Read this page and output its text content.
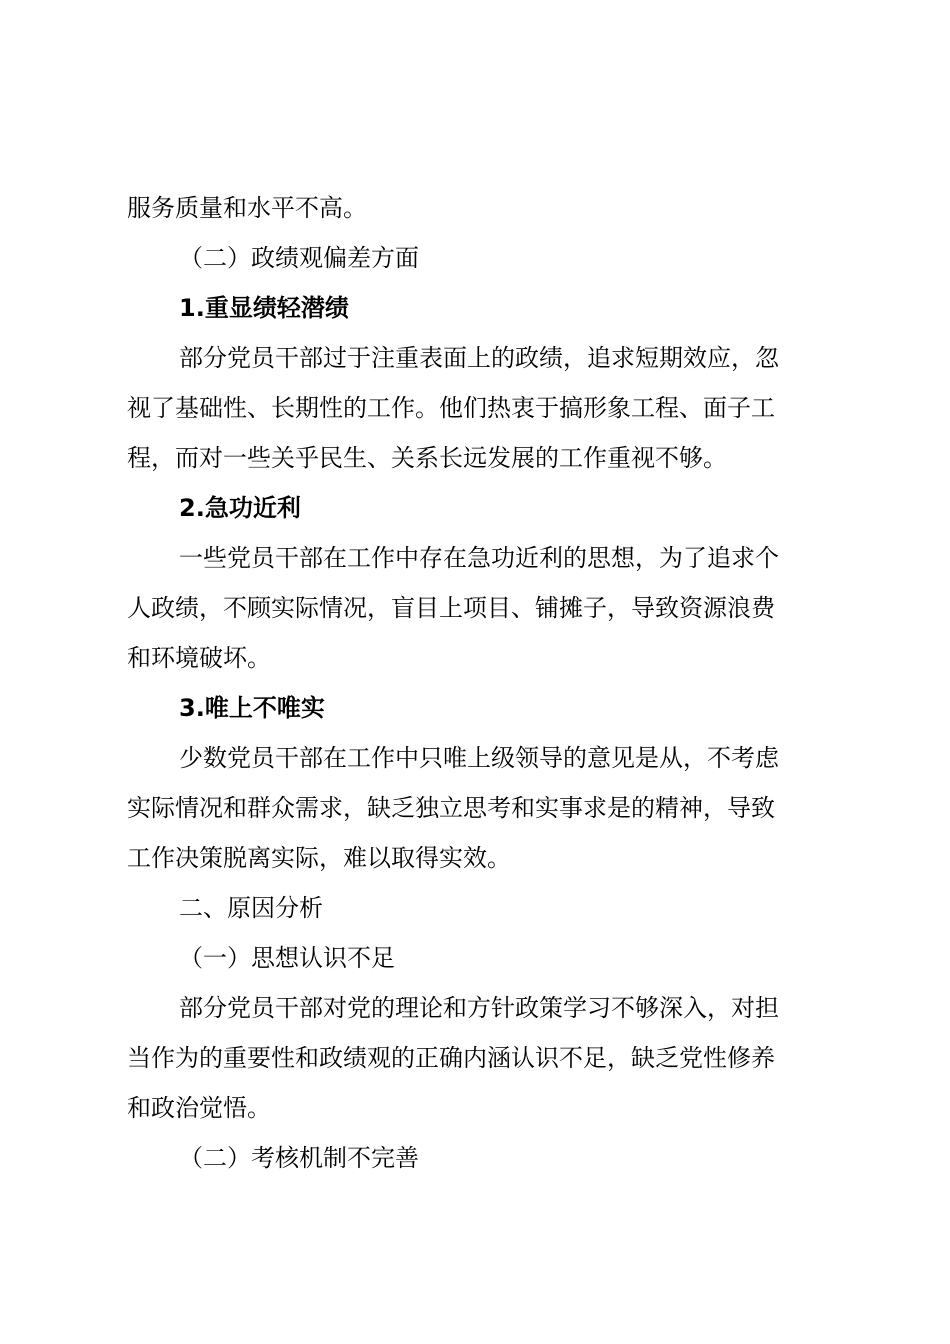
服务质量和水平不高。
（二）政绩观偏差方面
1.重显绩轻潜绩
部分党员干部过于注重表面上的政绩，追求短期效应，忽
视了基础性、长期性的工作。他们热衷于搞形象工程、面子工
程，而对一些关乎民生、关系长远发展的工作重视不够。
2.急功近利
一些党员干部在工作中存在急功近利的思想，为了追求个
人政绩，不顾实际情况，盲目上项目、铺摊子，导致资源浪费
和环境破坏。
3.唯上不唯实
少数党员干部在工作中只唯上级领导的意见是从，不考虑
实际情况和群众需求，缺乏独立思考和实事求是的精神，导致
工作决策脱离实际，难以取得实效。
二、原因分析
（一）思想认识不足
部分党员干部对党的理论和方针政策学习不够深入，对担
当作为的重要性和政绩观的正确内涵认识不足，缺乏党性修养
和政治觉悟。
（二）考核机制不完善
